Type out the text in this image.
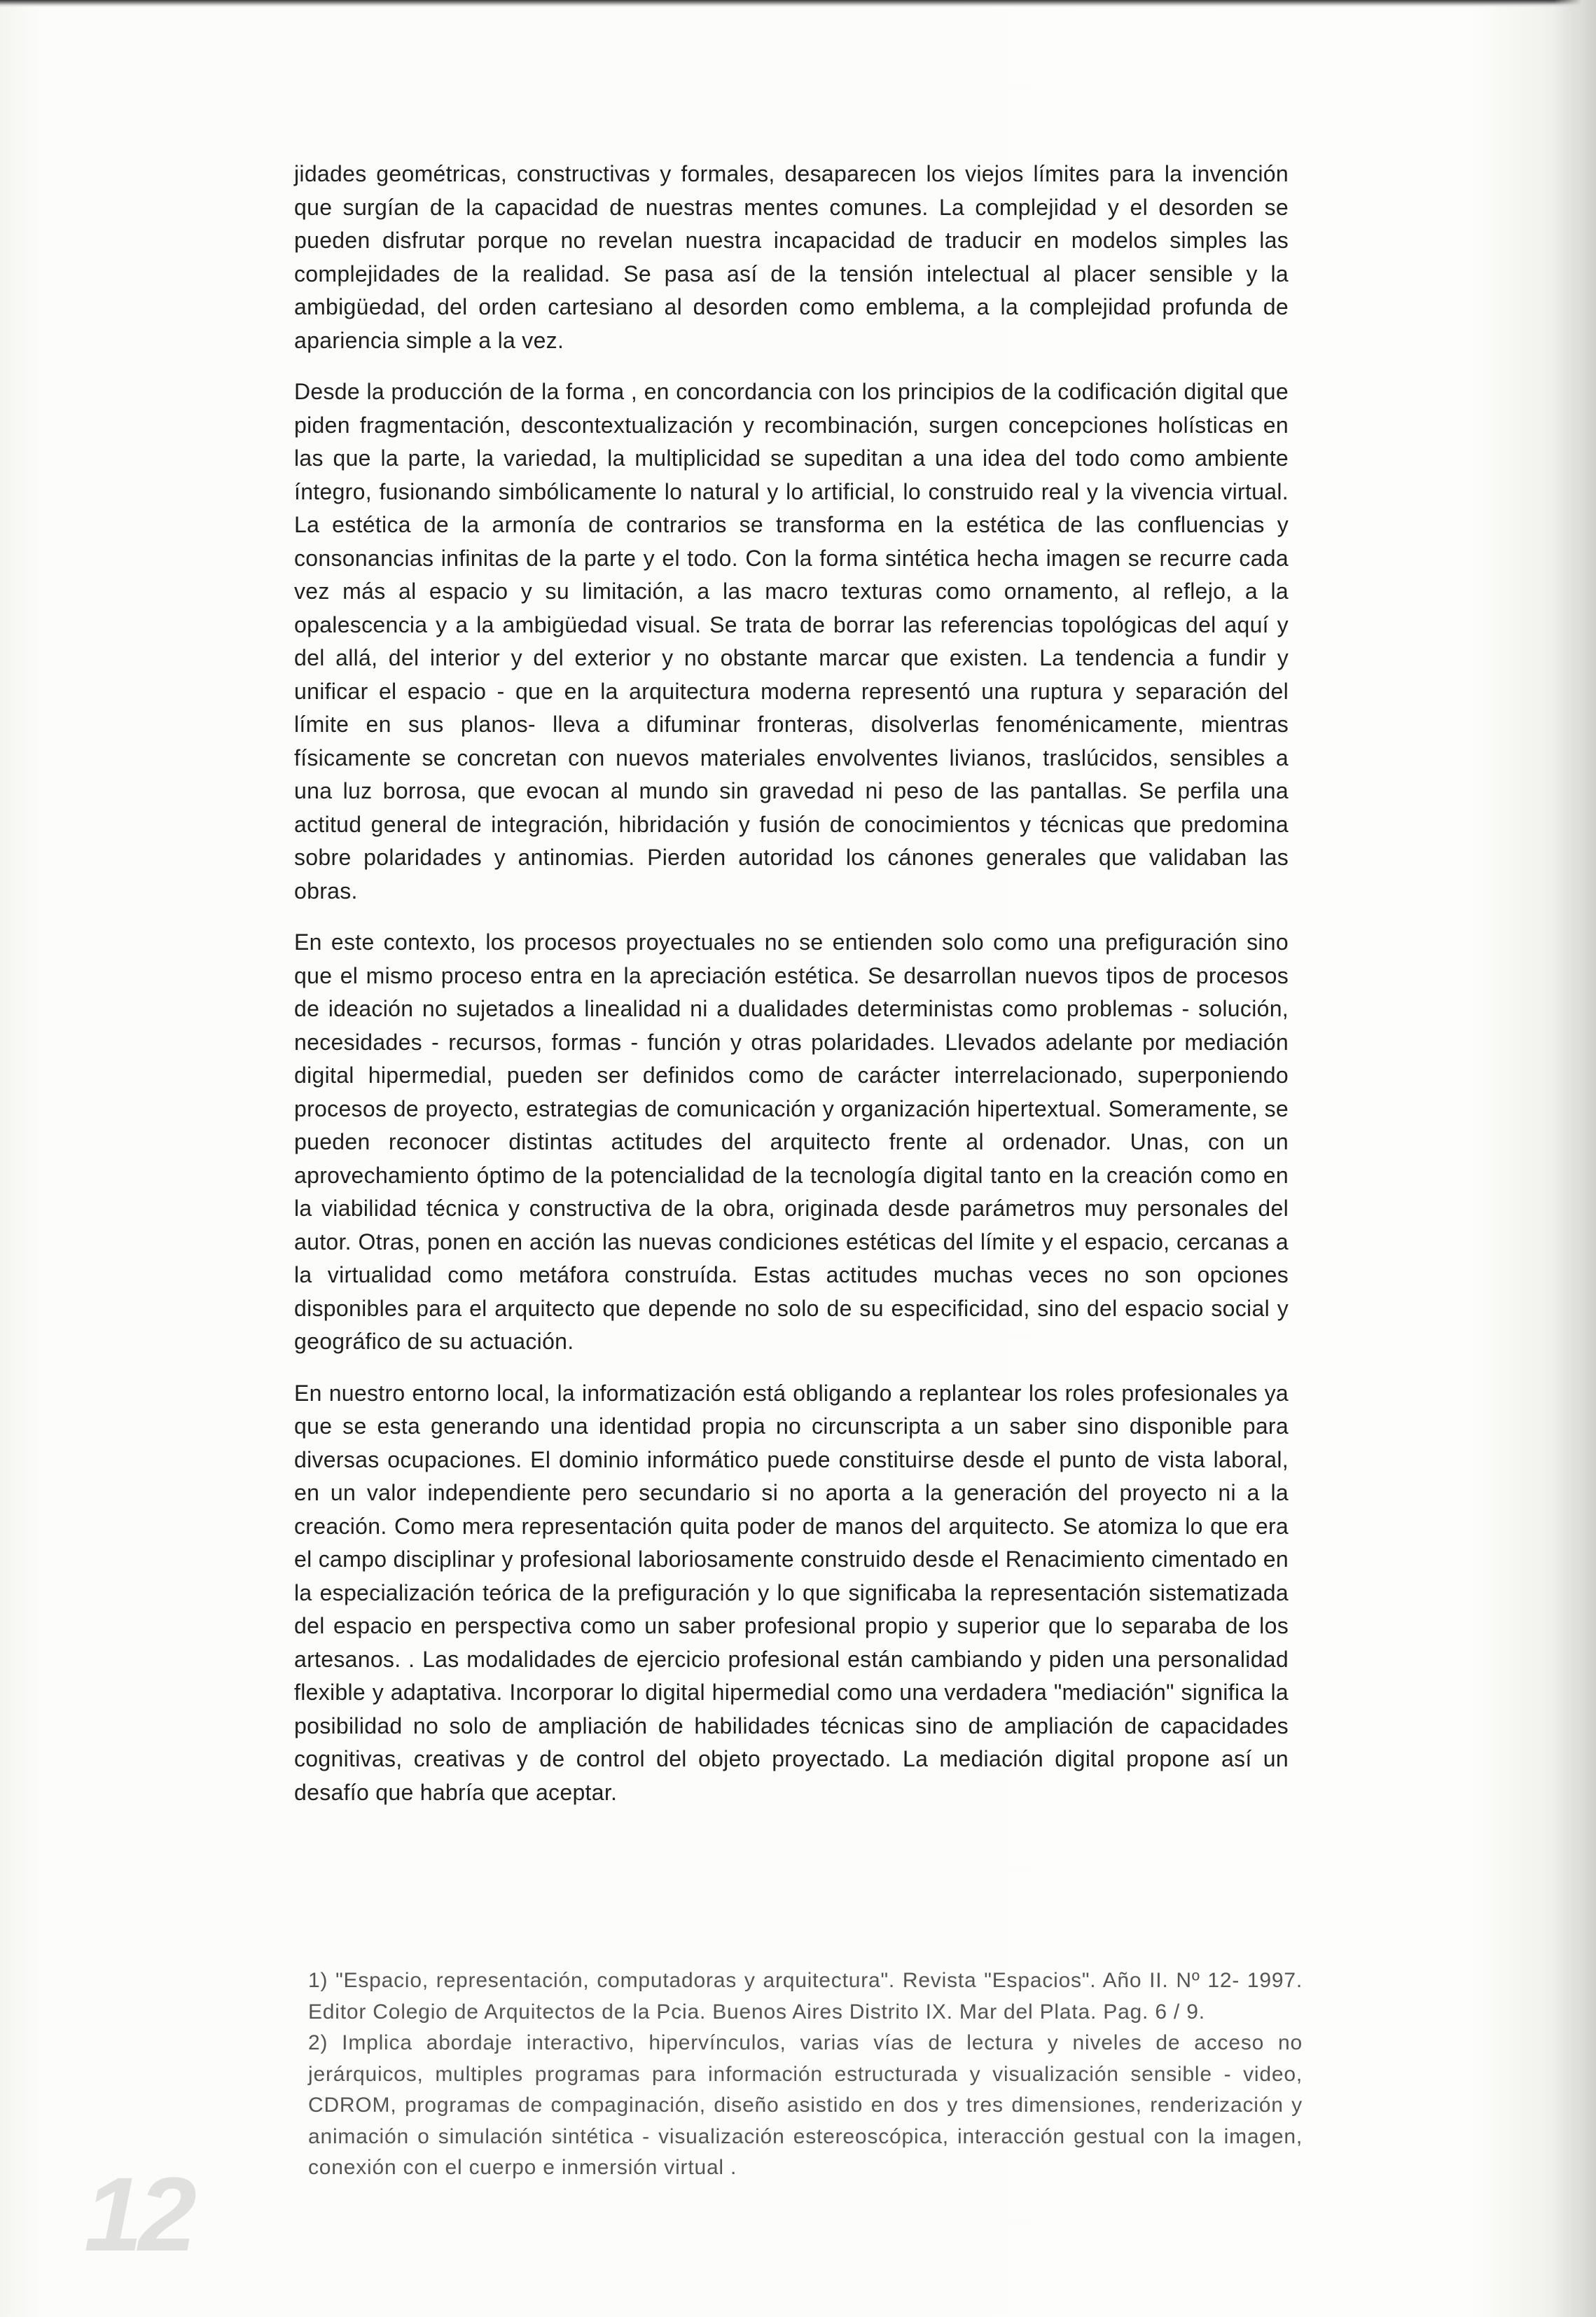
jidades geométricas, constructivas y formales, desaparecen los viejos límites para la invención que surgían de la capacidad de nuestras mentes comunes. La complejidad y el desorden se pueden disfrutar porque no revelan nuestra incapacidad de traducir en modelos simples las complejidades de la realidad. Se pasa así de la tensión intelectual al placer sensible y la ambigüedad, del orden cartesiano al desorden como emblema, a la complejidad profunda de apariencia simple a la vez.

Desde la producción de la forma , en concordancia con los principios de la codificación digital que piden fragmentación, descontextualización y recombinación, surgen concepciones holísticas en las que la parte, la variedad, la multiplicidad se supeditan a una idea del todo como ambiente íntegro, fusionando simbólicamente lo natural y lo artificial, lo construido real y la vivencia virtual. La estética de la armonía de contrarios se transforma en la estética de las confluencias y consonancias infinitas de la parte y el todo. Con la forma sintética hecha imagen se recurre cada vez más al espacio y su limitación, a las macro texturas como ornamento, al reflejo, a la opalescencia y a la ambigüedad visual. Se trata de borrar las referencias topológicas del aquí y del allá, del interior y del exterior y no obstante marcar que existen. La tendencia a fundir y unificar el espacio - que en la arquitectura moderna representó una ruptura y separación del límite en sus planos- lleva a difuminar fronteras, disolverlas fenoménicamente, mientras físicamente se concretan con nuevos materiales envolventes livianos, traslúcidos, sensibles a una luz borrosa, que evocan al mundo sin gravedad ni peso de las pantallas. Se perfila una actitud general de integración, hibridación y fusión de conocimientos y técnicas que predomina sobre polaridades y antinomias. Pierden autoridad los cánones generales que validaban las obras.

En este contexto, los procesos proyectuales no se entienden solo como una prefiguración sino que el mismo proceso entra en la apreciación estética. Se desarrollan nuevos tipos de procesos de ideación no sujetados a linealidad ni a dualidades deterministas como problemas - solución, necesidades - recursos, formas - función y otras polaridades. Llevados adelante por mediación digital hipermedial, pueden ser definidos como de carácter interrelacionado, superponiendo procesos de proyecto, estrategias de comunicación y organización hipertextual. Someramente, se pueden reconocer distintas actitudes del arquitecto frente al ordenador. Unas, con un aprovechamiento óptimo de la potencialidad de la tecnología digital tanto en la creación como en la viabilidad técnica y constructiva de la obra, originada desde parámetros muy personales del autor. Otras, ponen en acción las nuevas condiciones estéticas del límite y el espacio, cercanas a la virtualidad como metáfora construída. Estas actitudes muchas veces no son opciones disponibles para el arquitecto que depende no solo de su especificidad, sino del espacio social y geográfico de su actuación.

En nuestro entorno local, la informatización está obligando a replantear los roles profesionales ya que se esta generando una identidad propia no circunscripta a un saber sino disponible para diversas ocupaciones. El dominio informático puede constituirse desde el punto de vista laboral, en un valor independiente pero secundario si no aporta a la generación del proyecto ni a la creación. Como mera representación quita poder de manos del arquitecto. Se atomiza lo que era el campo disciplinar y profesional laboriosamente construido desde el Renacimiento cimentado en la especialización teórica de la prefiguración y lo que significaba la representación sistematizada del espacio en perspectiva como un saber profesional propio y superior que lo separaba de los artesanos. . Las modalidades de ejercicio profesional están cambiando y piden una personalidad flexible y adaptativa. Incorporar lo digital hipermedial como una verdadera "mediación" significa la posibilidad no solo de ampliación de habilidades técnicas sino de ampliación de capacidades cognitivas, creativas y de control del objeto proyectado. La mediación digital propone así un desafío que habría que aceptar.

12

1) "Espacio, representación, computadoras y arquitectura". Revista "Espacios". Año II. Nº 12- 1997. Editor Colegio de Arquitectos de la Pcia. Buenos Aires Distrito IX. Mar del Plata. Pag. 6 / 9.

2) Implica abordaje interactivo, hipervínculos, varias vías de lectura y niveles de acceso no jerárquicos, multiples programas para información estructurada y visualización sensible - video, CDROM, programas de compaginación, diseño asistido en dos y tres dimensiones, renderización y animación o simulación sintética - visualización estereoscópica, interacción gestual con la imagen, conexión con el cuerpo e inmersión virtual .
